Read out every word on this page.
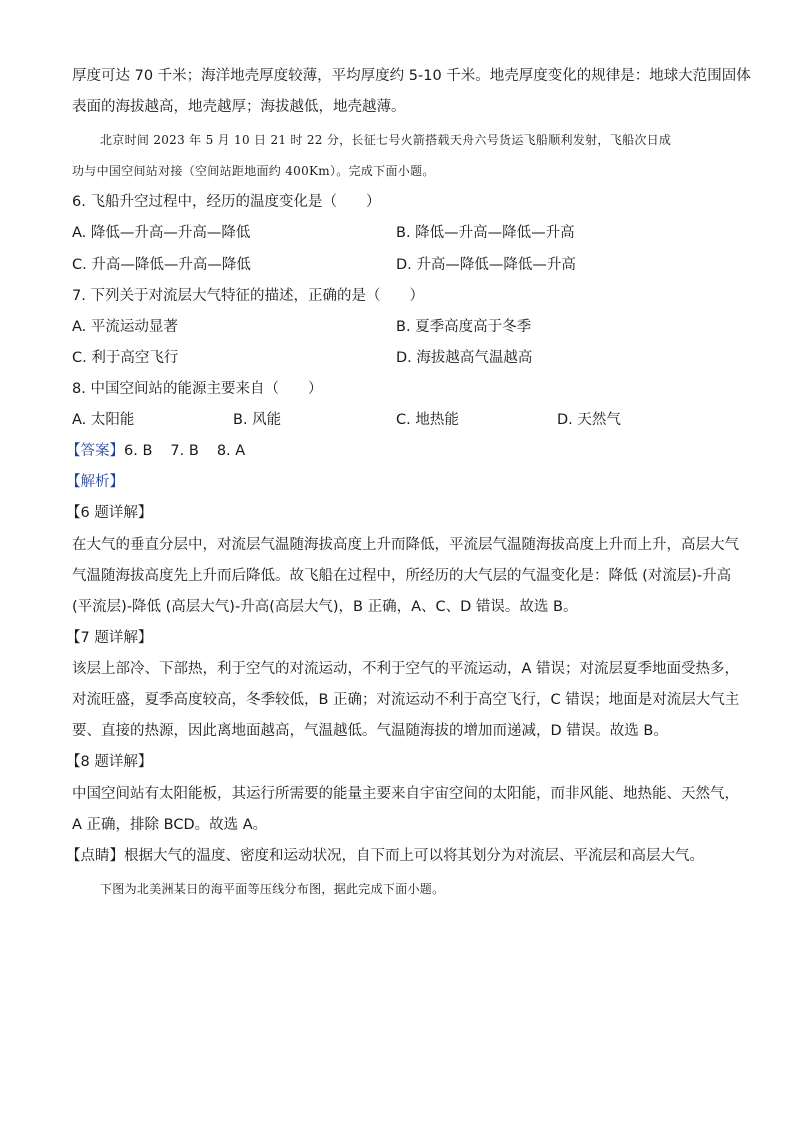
厚度可达 70 千米；海洋地壳厚度较薄，平均厚度约 5-10 千米。地壳厚度变化的规律是：地球大范围固体
表面的海拔越高，地壳越厚；海拔越低，地壳越薄。
北京时间 2023 年 5 月 10 日 21 时 22 分，长征七号火箭搭载天舟六号货运飞船顺利发射，飞船次日成
功与中国空间站对接（空间站距地面约 400Km）。完成下面小题。
6. 飞船升空过程中，经历的温度变化是（　　）
A. 降低—升高—升高—降低	B. 降低—升高—降低—升高
C. 升高—降低—升高—降低	D. 升高—降低—降低—升高
7. 下列关于对流层大气特征的描述，正确的是（　　）
A. 平流运动显著	B. 夏季高度高于冬季
C. 利于高空飞行	D. 海拔越高气温越高
8. 中国空间站的能源主要来自（　　）
A. 太阳能	B. 风能	C. 地热能	D. 天然气
【答案】6. B 7. B 8. A
【解析】
【6 题详解】
在大气的垂直分层中，对流层气温随海拔高度上升而降低，平流层气温随海拔高度上升而上升，高层大气
气温随海拔高度先上升而后降低。故飞船在过程中，所经历的大气层的气温变化是：降低 (对流层)-升高
(平流层)-降低 (高层大气)-升高(高层大气)，B 正确，A、C、D 错误。故选 B。
【7 题详解】
该层上部冷、下部热，利于空气的对流运动，不利于空气的平流运动，A 错误；对流层夏季地面受热多，
对流旺盛，夏季高度较高，冬季较低，B 正确；对流运动不利于高空飞行，C 错误；地面是对流层大气主
要、直接的热源，因此离地面越高，气温越低。气温随海拔的增加而递减，D 错误。故选 B。
【8 题详解】
中国空间站有太阳能板，其运行所需要的能量主要来自宇宙空间的太阳能，而非风能、地热能、天然气，
A 正确，排除 BCD。故选 A。
【点睛】根据大气的温度、密度和运动状况，自下而上可以将其划分为对流层、平流层和高层大气。
下图为北美洲某日的海平面等压线分布图，据此完成下面小题。
